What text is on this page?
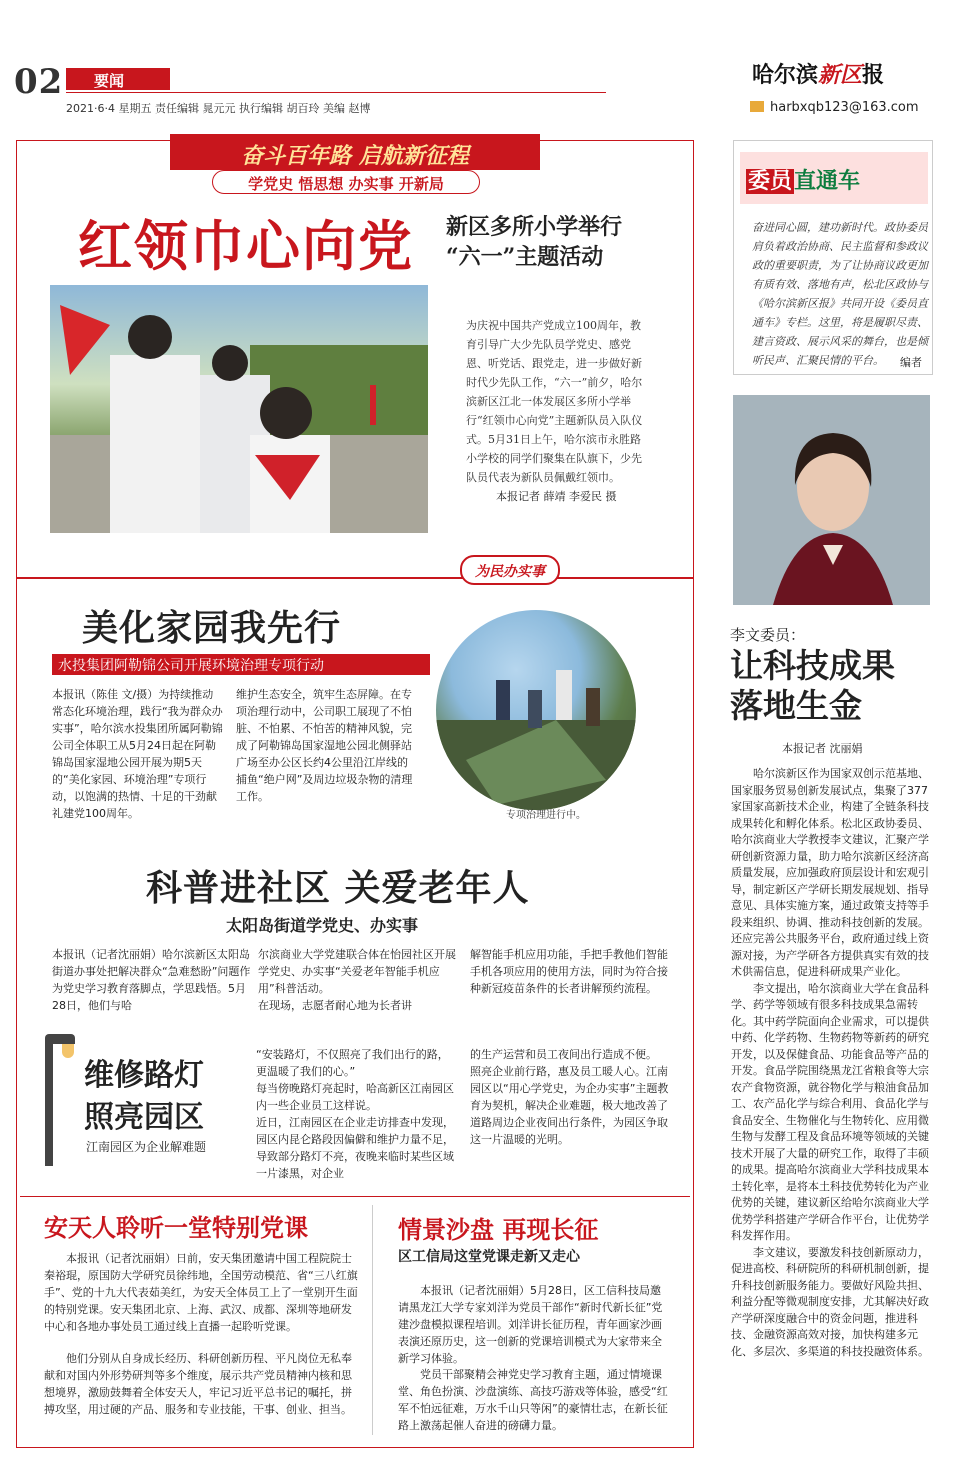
02	要闻
2021·6·4 星期五 责任编辑 晁元元 执行编辑 胡百玲 美编 赵博
哈尔滨新区报
harbxqb123@163.com
奋斗百年路 启航新征程
学党史 悟思想 办实事 开新局
红领巾心向党 新区多所小学举行
“六一”主题活动
为庆祝中国共产党成立100周年，教育引导广大少先队员学党史、感党恩、听党话、跟党走，进一步做好新时代少先队工作，“六一”前夕，哈尔滨新区江北一体发展区多所小学举行“红领巾心向党”主题新队员入队仪式。5月31日上午，哈尔滨市永胜路小学校的同学们聚集在队旗下，少先队员代表为新队员佩戴红领巾。
本报记者 薛靖 李爱民 摄
为民办实事
美化家园我先行
水投集团阿勒锦公司开展环境治理专项行动
本报讯（陈佳 文/摄）为持续推动常态化环境治理，践行“我为群众办实事”，哈尔滨水投集团所属阿勒锦公司全体职工从5月24日起在阿勒锦岛国家湿地公园开展为期5天的“美化家园、环境治理”专项行动，以饱满的热情、十足的干劲献礼建党100周年。
维护生态安全，筑牢生态屏障。在专项治理行动中，公司职工展现了不怕脏、不怕累、不怕苦的精神风貌，完成了阿勒锦岛国家湿地公园北侧驿站广场至办公区长约4公里沿江岸线的捕鱼“绝户网”及周边垃圾杂物的清理工作。
专项治理进行中。
科普进社区 关爱老年人
太阳岛街道学党史、办实事
本报讯（记者沈丽娟）哈尔滨新区太阳岛街道办事处把解决群众“急难愁盼”问题作为党史学习教育落脚点，学思践悟。5月28日，他们与哈
尔滨商业大学党建联合体在怡园社区开展学党史、办实事“关爱老年智能手机应用”科普活动。
在现场，志愿者耐心地为长者讲
解智能手机应用功能，手把手教他们智能手机各项应用的使用方法，同时为符合接种新冠疫苗条件的长者讲解预约流程。
维修路灯
照亮园区
江南园区为企业解难题
“安装路灯，不仅照亮了我们出行的路，更温暖了我们的心。”
每当傍晚路灯亮起时，哈高新区江南园区内一些企业员工这样说。
近日，江南园区在企业走访排查中发现，园区内昆仑路段因偏僻和维护力量不足，导致部分路灯不亮，夜晚来临时某些区域一片漆黑，对企业
的生产运营和员工夜间出行造成不便。
照亮企业前行路，惠及员工暖人心。江南园区以“用心学党史，为企办实事”主题教育为契机，解决企业难题，极大地改善了道路周边企业夜间出行条件，为园区争取这一片温暖的光明。
安天人聆听一堂特别党课
本报讯（记者沈丽娟）日前，安天集团邀请中国工程院院士秦裕琨，原国防大学研究员徐纬地，全国劳动模范、省“三八红旗手”、党的十九大代表茹美红，为安天全体员工上了一堂别开生面的特别党课。安天集团北京、上海、武汉、成都、深圳等地研发中心和各地办事处员工通过线上直播一起聆听党课。
他们分别从自身成长经历、科研创新历程、平凡岗位无私奉献和对国内外形势研判等多个维度，展示共产党员精神内核和思想境界，激励鼓舞着全体安天人，牢记习近平总书记的嘱托，拼搏攻坚，用过硬的产品、服务和专业技能，干事、创业、担当。
情景沙盘 再现长征
区工信局这堂党课走新又走心
本报讯（记者沈丽娟）5月28日，区工信科技局邀请黑龙江大学专家刘洋为党员干部作“新时代新长征”党建沙盘模拟课程培训。刘洋讲长征历程，青年画家沙画表演还原历史，这一创新的党课培训模式为大家带来全新学习体验。
党员干部聚精会神党史学习教育主题，通过情境课堂、角色扮演、沙盘演练、高技巧游戏等体验，感受“红军不怕远征难，万水千山只等闲”的豪情壮志，在新长征路上激荡起催人奋进的磅礴力量。
委员直通车
奋进同心圆，建功新时代。政协委员肩负着政治协商、民主监督和参政议政的重要职责，为了让协商议政更加有质有效、落地有声，松北区政协与《哈尔滨新区报》共同开设《委员直通车》专栏。这里，将是履职尽责、建言资政、展示风采的舞台，也是倾听民声、汇聚民情的平台。	编者
李文委员：
让科技成果
落地生金
本报记者 沈丽娟

哈尔滨新区作为国家双创示范基地、国家服务贸易创新发展试点，集聚了377家国家高新技术企业，构建了全链条科技成果转化和孵化体系。松北区政协委员、哈尔滨商业大学教授李文建议，汇聚产学研创新资源力量，助力哈尔滨新区经济高质量发展，应加强政府顶层设计和宏观引导，制定新区产学研长期发展规划、指导意见、具体实施方案，通过政策支持等手段来组织、协调、推动科技创新的发展。还应完善公共服务平台，政府通过线上资源对接，为产学研各方提供真实有效的技术供需信息，促进科研成果产业化。

李文提出，哈尔滨商业大学在食品科学、药学等领域有很多科技成果急需转化。其中药学院面向企业需求，可以提供中药、化学药物、生物药物等新药的研究开发，以及保健食品、功能食品等产品的开发。食品学院围绕黑龙江省粮食等大宗农产食物资源，就谷物化学与粮油食品加工、农产品化学与综合利用、食品化学与食品安全、生物催化与生物转化、应用微生物与发酵工程及食品环境等领域的关键技术开展了大量的研究工作，取得了丰硕的成果。提高哈尔滨商业大学科技成果本土转化率，是将本土科技优势转化为产业优势的关键，建议新区给哈尔滨商业大学优势学科搭建产学研合作平台，让优势学科发挥作用。

李文建议，要激发科技创新原动力，促进高校、科研院所的科研机制创新，提升科技创新服务能力。要做好风险共担、利益分配等微观制度安排，尤其解决好政产学研深度融合中的资金问题，推进科技、金融资源高效对接，加快构建多元化、多层次、多渠道的科技投融资体系。
